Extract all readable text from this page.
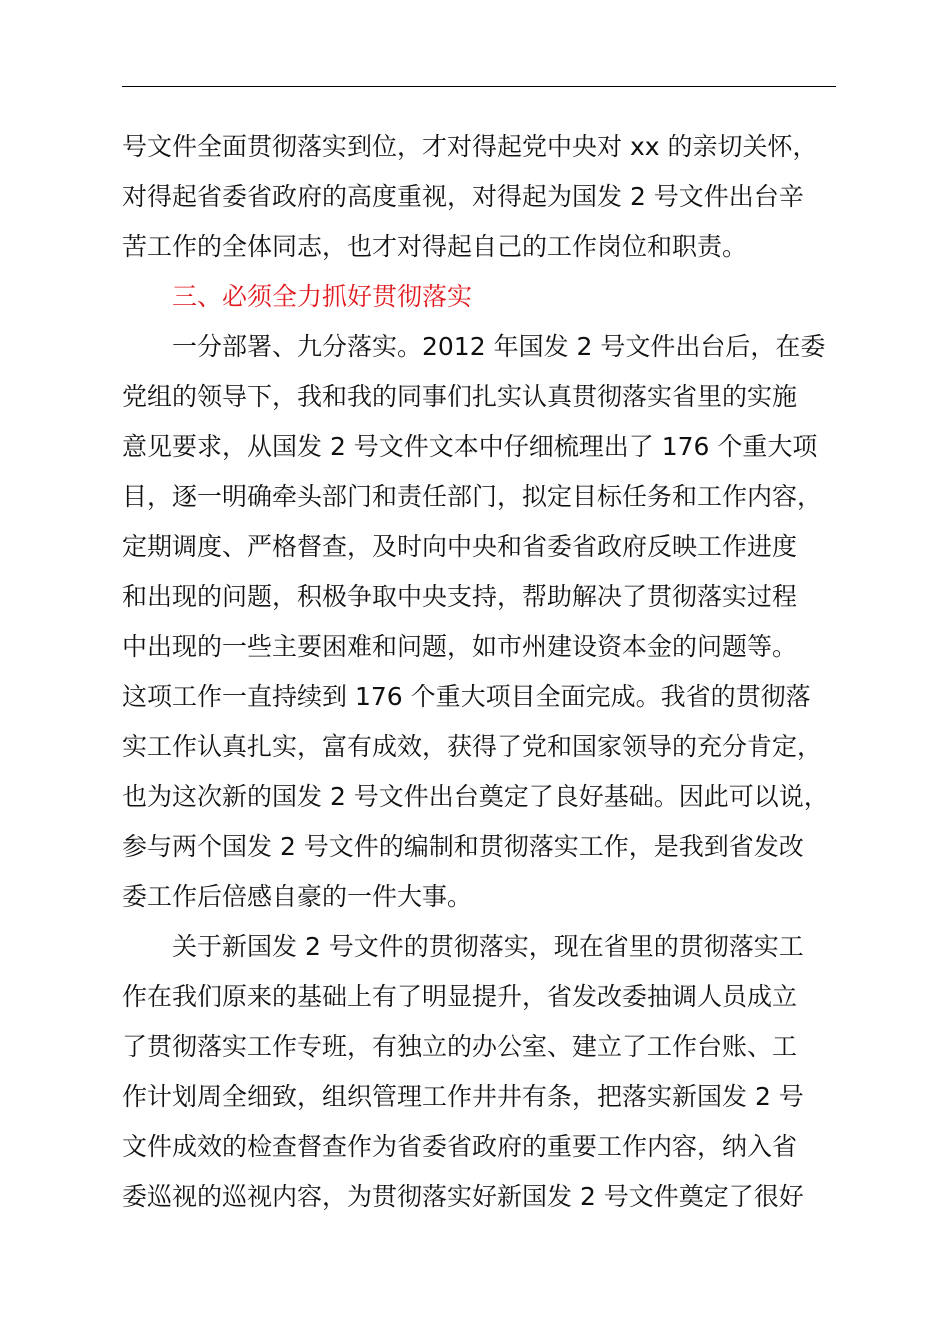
号文件全面贯彻落实到位，才对得起党中央对 xx 的亲切关怀，
对得起省委省政府的高度重视，对得起为国发 2 号文件出台辛
苦工作的全体同志，也才对得起自己的工作岗位和职责。
三、必须全力抓好贯彻落实
一分部署、九分落实。2012 年国发 2 号文件出台后，在委
党组的领导下，我和我的同事们扎实认真贯彻落实省里的实施
意见要求，从国发 2 号文件文本中仔细梳理出了 176 个重大项
目，逐一明确牵头部门和责任部门，拟定目标任务和工作内容，
定期调度、严格督查，及时向中央和省委省政府反映工作进度
和出现的问题，积极争取中央支持，帮助解决了贯彻落实过程
中出现的一些主要困难和问题，如市州建设资本金的问题等。
这项工作一直持续到 176 个重大项目全面完成。我省的贯彻落
实工作认真扎实，富有成效，获得了党和国家领导的充分肯定，
也为这次新的国发 2 号文件出台奠定了良好基础。因此可以说，
参与两个国发 2 号文件的编制和贯彻落实工作，是我到省发改
委工作后倍感自豪的一件大事。
关于新国发 2 号文件的贯彻落实，现在省里的贯彻落实工
作在我们原来的基础上有了明显提升，省发改委抽调人员成立
了贯彻落实工作专班，有独立的办公室、建立了工作台账、工
作计划周全细致，组织管理工作井井有条，把落实新国发 2 号
文件成效的检查督查作为省委省政府的重要工作内容，纳入省
委巡视的巡视内容，为贯彻落实好新国发 2 号文件奠定了很好
